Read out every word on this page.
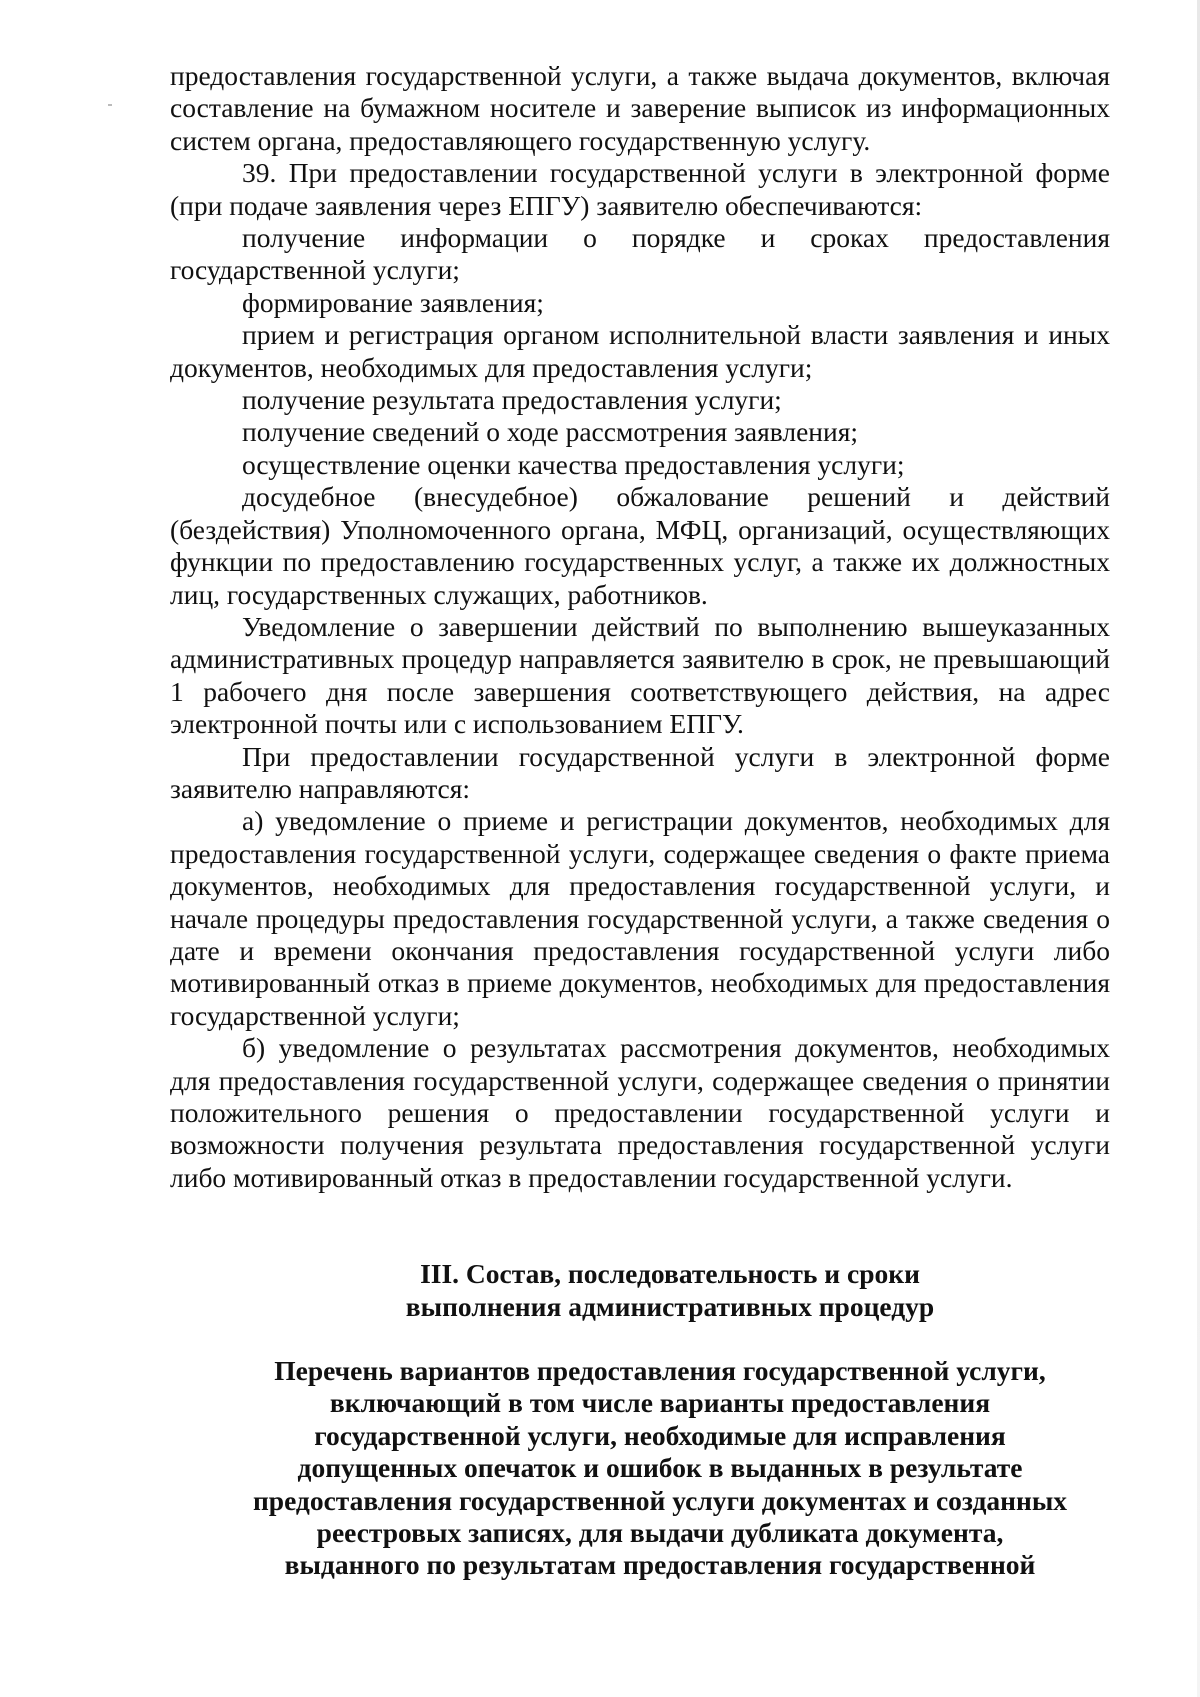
предоставления государственной услуги, а также выдача документов, включая составление на бумажном носителе и заверение выписок из информационных систем органа, предоставляющего государственную услугу.

39. При предоставлении государственной услуги в электронной форме (при подаче заявления через ЕПГУ) заявителю обеспечиваются:

получение информации о порядке и сроках предоставления государственной услуги;

формирование заявления;

прием и регистрация органом исполнительной власти заявления и иных документов, необходимых для предоставления услуги;

получение результата предоставления услуги;

получение сведений о ходе рассмотрения заявления;

осуществление оценки качества предоставления услуги;

досудебное (внесудебное) обжалование решений и действий (бездействия) Уполномоченного органа, МФЦ, организаций, осуществляющих функции по предоставлению государственных услуг, а также их должностных лиц, государственных служащих, работников.

Уведомление о завершении действий по выполнению вышеуказанных административных процедур направляется заявителю в срок, не превышающий 1 рабочего дня после завершения соответствующего действия, на адрес электронной почты или с использованием ЕПГУ.

При предоставлении государственной услуги в электронной форме заявителю направляются:

а) уведомление о приеме и регистрации документов, необходимых для предоставления государственной услуги, содержащее сведения о факте приема документов, необходимых для предоставления государственной услуги, и начале процедуры предоставления государственной услуги, а также сведения о дате и времени окончания предоставления государственной услуги либо мотивированный отказ в приеме документов, необходимых для предоставления государственной услуги;

б) уведомление о результатах рассмотрения документов, необходимых для предоставления государственной услуги, содержащее сведения о принятии положительного решения о предоставлении государственной услуги и возможности получения результата предоставления государственной услуги либо мотивированный отказ в предоставлении государственной услуги.

III. Состав, последовательность и сроки
выполнения административных процедур
Перечень вариантов предоставления государственной услуги,
включающий в том числе варианты предоставления
государственной услуги, необходимые для исправления
допущенных опечаток и ошибок в выданных в результате
предоставления государственной услуги документах и созданных
реестровых записях, для выдачи дубликата документа,
выданного по результатам предоставления государственной
